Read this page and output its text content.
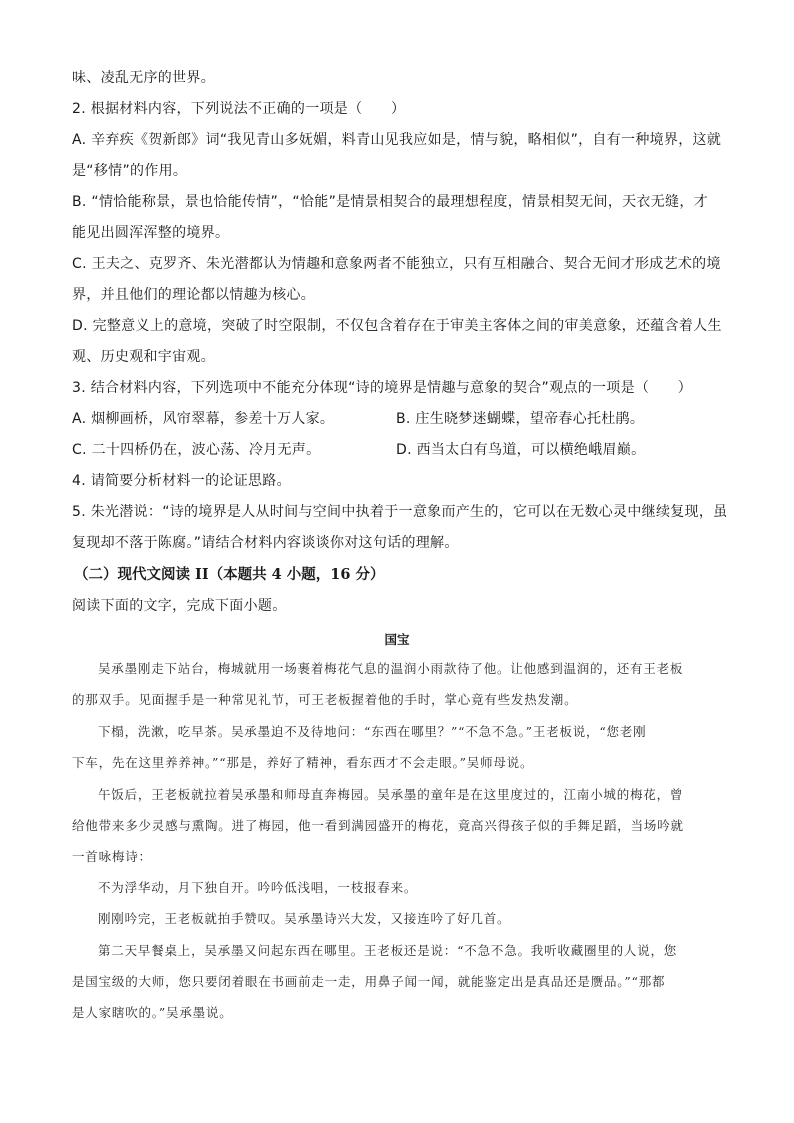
味、凌乱无序的世界。
2. 根据材料内容，下列说法不正确的一项是（　　）
A. 辛弃疾《贺新郎》词“我见青山多妩媚，料青山见我应如是，情与貌，略相似”，自有一种境界，这就
是“移情”的作用。
B. “情恰能称景，景也恰能传情”，“恰能”是情景相契合的最理想程度，情景相契无间，天衣无缝，才
能见出圆浑浑整的境界。
C. 王夫之、克罗齐、朱光潜都认为情趣和意象两者不能独立，只有互相融合、契合无间才形成艺术的境
界，并且他们的理论都以情趣为核心。
D. 完整意义上的意境，突破了时空限制，不仅包含着存在于审美主客体之间的审美意象，还蕴含着人生
观、历史观和宇宙观。
3. 结合材料内容，下列选项中不能充分体现“诗的境界是情趣与意象的契合”观点的一项是（　　）
A. 烟柳画桥，风帘翠幕，参差十万人家。	B. 庄生晓梦迷蝴蝶，望帝春心托杜鹃。
C. 二十四桥仍在，波心荡、冷月无声。	D. 西当太白有鸟道，可以横绝峨眉巅。
4. 请简要分析材料一的论证思路。
5. 朱光潜说：“诗的境界是人从时间与空间中执着于一意象而产生的，它可以在无数心灵中继续复现，虽
复现却不落于陈腐。”请结合材料内容谈谈你对这句话的理解。
（二）现代文阅读 II（本题共 4 小题，16 分）
阅读下面的文字，完成下面小题。
国宝
吴承墨刚走下站台，梅城就用一场裹着梅花气息的温润小雨款待了他。让他感到温润的，还有王老板
的那双手。见面握手是一种常见礼节，可王老板握着他的手时，掌心竟有些发热发潮。
下榻，洗漱，吃早茶。吴承墨迫不及待地问：“东西在哪里？”“不急不急。”王老板说，“您老刚
下车，先在这里养养神。”“那是，养好了精神，看东西才不会走眼。”吴师母说。
午饭后，王老板就拉着吴承墨和师母直奔梅园。吴承墨的童年是在这里度过的，江南小城的梅花，曾
给他带来多少灵感与熏陶。进了梅园，他一看到满园盛开的梅花，竟高兴得孩子似的手舞足蹈，当场吟就
一首咏梅诗：
不为浮华动，月下独自开。吟吟低浅唱，一枝报春来。
刚刚吟完，王老板就拍手赞叹。吴承墨诗兴大发，又接连吟了好几首。
第二天早餐桌上，吴承墨又问起东西在哪里。王老板还是说：“不急不急。我听收藏圈里的人说，您
是国宝级的大师，您只要闭着眼在书画前走一走，用鼻子闻一闻，就能鉴定出是真品还是赝品。”“那都
是人家瞎吹的。”吴承墨说。
